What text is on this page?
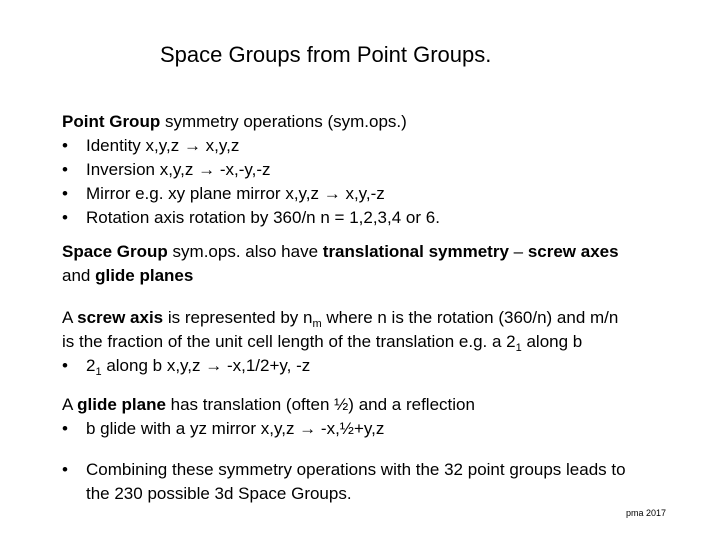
Space Groups from Point Groups.
Point Group symmetry operations (sym.ops.)
• Identity x,y,z → x,y,z
• Inversion x,y,z → -x,-y,-z
• Mirror e.g. xy plane mirror x,y,z → x,y,-z
• Rotation axis rotation by 360/n n = 1,2,3,4 or 6.
Space Group sym.ops. also have translational symmetry – screw axes
and glide planes
A screw axis is represented by $n_m$ where n is the rotation (360/n) and m/n
is the fraction of the unit cell length of the translation e.g. a $2_1$ along b
• $2_1$ along b x,y,z → -x,1/2+y, -z
A glide plane has translation (often ½) and a reflection
• b glide with a yz mirror x,y,z → -x,½+y,z
• Combining these symmetry operations with the 32 point groups leads to
the 230 possible 3d Space Groups.
pma 2017
